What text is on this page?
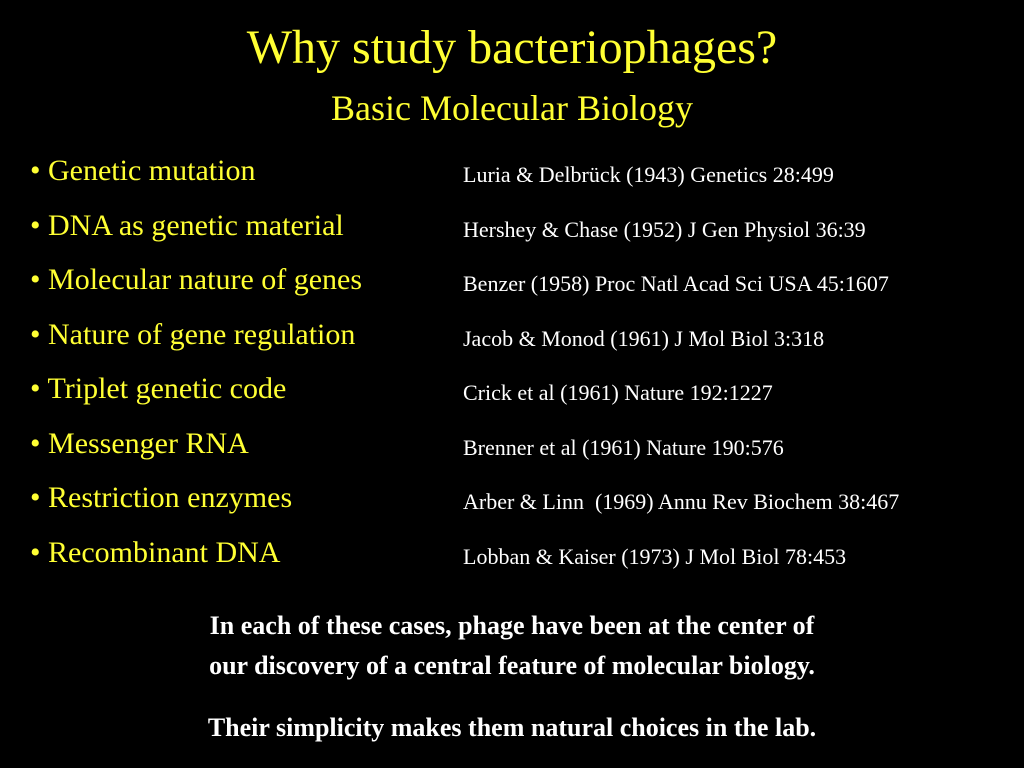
Why study bacteriophages?
Basic Molecular Biology
• Genetic mutation	Luria & Delbrück (1943) Genetics 28:499
• DNA as genetic material	Hershey & Chase (1952) J Gen Physiol 36:39
• Molecular nature of genes	Benzer (1958) Proc Natl Acad Sci USA 45:1607
• Nature of gene regulation	Jacob & Monod (1961) J Mol Biol 3:318
• Triplet genetic code	Crick et al (1961) Nature 192:1227
• Messenger RNA	Brenner et al (1961) Nature 190:576
• Restriction enzymes	Arber & Linn  (1969) Annu Rev Biochem 38:467
• Recombinant DNA	Lobban & Kaiser (1973) J Mol Biol 78:453

In each of these cases, phage have been at the center of
our discovery of a central feature of molecular biology.

Their simplicity makes them natural choices in the lab.
